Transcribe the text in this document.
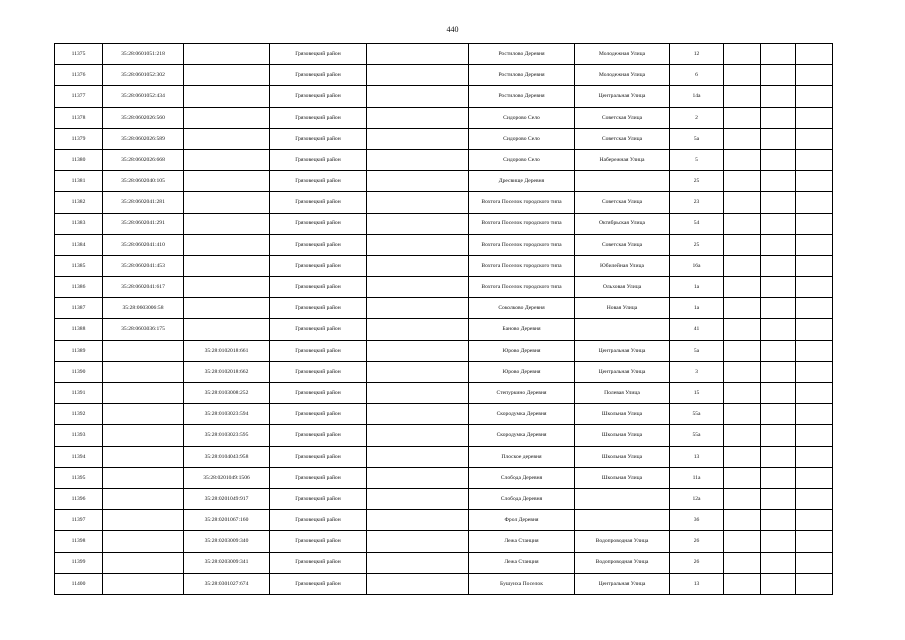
440
11375	35:28:0601051:218		Грязовецкий район		Ростилово Деревня	Молодежная Улица	12			
11376	35:28:0601052:302		Грязовецкий район		Ростилово Деревня	Молодежная Улица	6			
11377	35:28:0601052:434		Грязовецкий район		Ростилово Деревня	Центральная Улица	14а			
11378	35:28:0602026:560		Грязовецкий район		Сидорово Село	Советская Улица	2			
11379	35:28:0602026:589		Грязовецкий район		Сидорово Село	Советская Улица	5а			
11380	35:28:0602026:668		Грязовецкий район		Сидорово Село	Набережная Улица	5			
11381	35:28:0602040:105		Грязовецкий район		Дресвище Деревня		25			
11382	35:28:0602041:281		Грязовецкий район		Вохтога Поселок городского типа	Советская Улица	23			
11383	35:28:0602041:291		Грязовецкий район		Вохтога Поселок городского типа	Октябрьская Улица	54			
11384	35:28:0602041:410		Грязовецкий район		Вохтога Поселок городского типа	Советская Улица	25			
11385	35:28:0602041:453		Грязовецкий район		Вохтога Поселок городского типа	Юбилейная Улица	16а			
11386	35:28:0602041:617		Грязовецкий район		Вохтога Поселок городского типа	Ольховая Улица	1а			
11387	35:28:0603006:58		Грязовецкий район		Соколково Деревня	Новая Улица	1а			
11388	35:28:0603036:175		Грязовецкий район		Баново Деревня		41			
11389		35:28:0102018:661	Грязовецкий район		Юрово Деревня	Центральная Улица	5а			
11390		35:28:0102018:662	Грязовецкий район		Юрово Деревня	Центральная Улица	3			
11391		35:28:0103008:252	Грязовецкий район		Степуркино Деревня	Полевая Улица	15			
11392		35:28:0103023:594	Грязовецкий район		Скородумка Деревня	Школьная Улица	55а			
11393		35:28:0103023:595	Грязовецкий район		Скородумка Деревня	Школьная Улица	55а			
11394		35:28:0104043:958	Грязовецкий район		Плоское деревня	Школьная Улица	13			
11395		35:28:0201049:1506	Грязовецкий район		Слобода Деревня	Школьная Улица	11а			
11396		35:28:0201049:917	Грязовецкий район		Слобода Деревня		12а			
11397		35:28:0201067:160	Грязовецкий район		Фрол Деревня		36			
11398		35:28:0203009:340	Грязовецкий район		Лежа Станция	Водопроводная Улица	26			
11399		35:28:0203009:341	Грязовецкий район		Лежа Станция	Водопроводная Улица	26			
11400		35:28:0301027:674	Грязовецкий район		Бушуиха Поселок	Центральная Улица	13			
